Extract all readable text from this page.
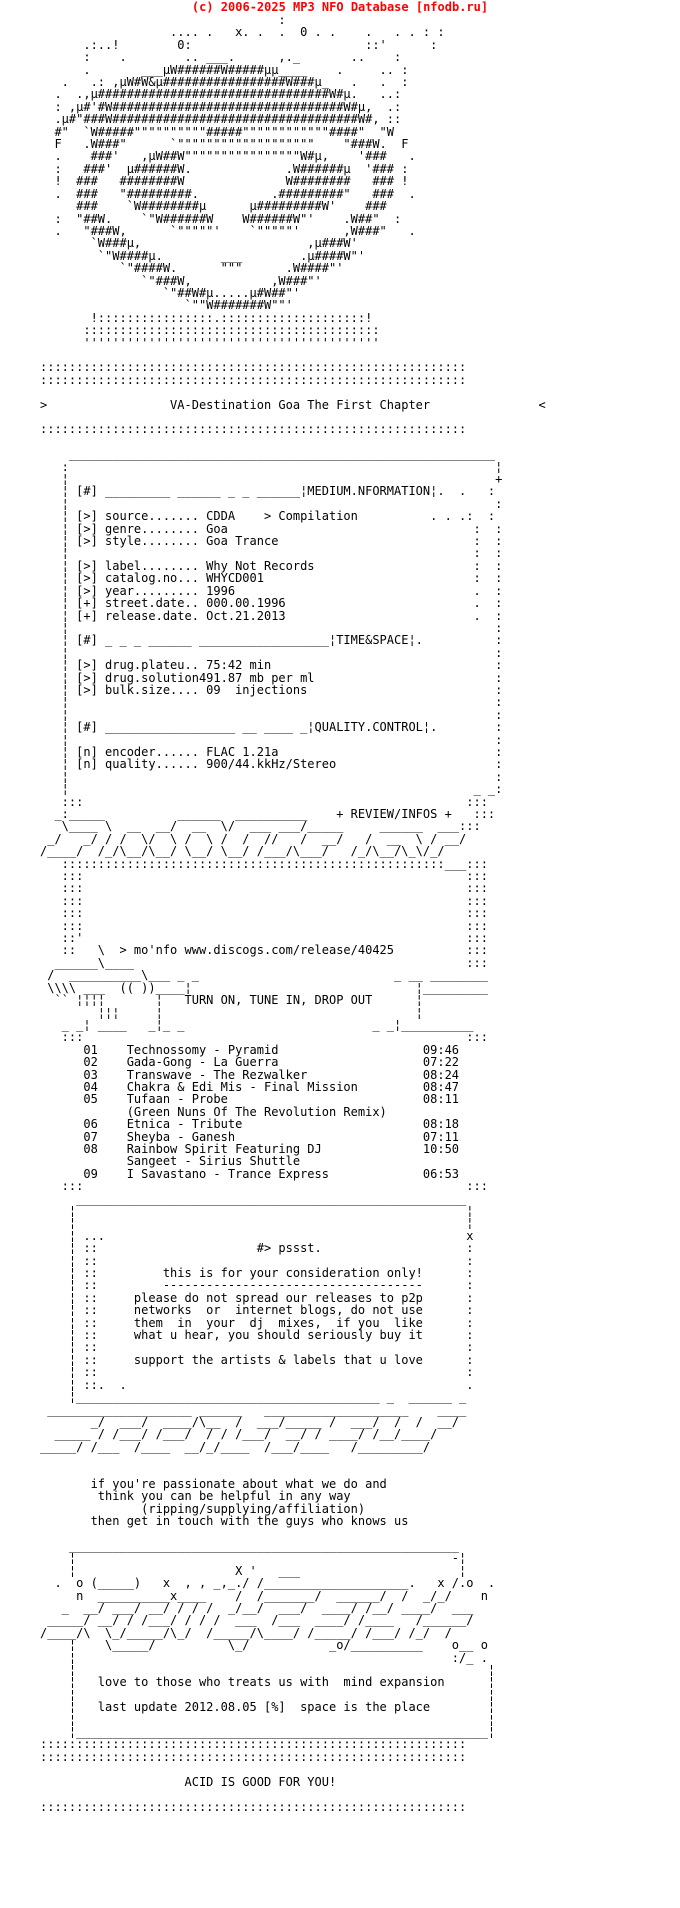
(c) 2006-2025 MP3 NFO Database [nfodb.ru]

:
.... .   x. .  .  0 . .    .   . . : :
.:..!        0:                        ::'      :
:    .        .. ___.      ,._       ..    :
.       ___µW######W#####µµ____    .     .. :
.   .: ,µW#W&µ#################W###µ_   .   .  :
.  .,µ################################W#µ.   ..:
: ,µ#'#W################################W#µ,  .:
.µ#"###W##################################W#, ::
#"  `W#####""""""""""#####""""""""""""####"  "W
F   .W###"      `"""""""""""""""""""    "###W.  F
.    ###'   ,µW##W""""""""""""""""W#µ,    '###   .
:   ###'  µ######W.             .W######µ  '### :
!  ###   ########W              W########   ### !
.  ###   "#########.          .#########"   ###  .
###    `W########µ      µ#########W'    ###
:  "##W.    `"W######W    W######W"'    .W##"  :
.   "###W,      `"""""'    `"""""'      ,W###"   .
`W###µ,                       ,µ###W'
`"W####µ.        ___        .µ####W"'
`"####W.      """      .W####"'
`"###W,           ,W###"'
`"##W#µ.....µ#W##"'
`""W#######W""'
!::::::::::::::::.::::::::::::::::::::!
:::::::::::::::::::::::::::::::::::::::::
'''''''''''''''''''''''''''''''''''''''''

:::::::::::::::::::::::::::::::::::::::::::::::::::::::::::
:::::::::::::::::::::::::::::::::::::::::::::::::::::::::::

>                 VA-Destination Goa The First Chapter               <

:::::::::::::::::::::::::::::::::::::::::::::::::::::::::::

___________________________________________________________
:                                                           ¦
¦                                                           +
¦ [#] _________ ______ _ _ ______¦MEDIUM.NFORMATION¦.  .   :
¦                                                           :
¦ [>] source....... CDDA    > Compilation          . . .:  :
¦ [>] genre........ Goa                                  :  :
¦ [>] style........ Goa Trance                           :  :
¦                                                        :  :
¦ [>] label........ Why Not Records                      :  :
¦ [>] catalog.no... WHYCD001                             :  :
¦ [>] year......... 1996                                 .  :
¦ [+] street.date.. 000.00.1996                          .  :
¦ [+] release.date. Oct.21.2013                          .  :
¦                                                           :
¦ [#] _ _ _ ______ __________________¦TIME&SPACE¦.          :
¦                                                           :
¦ [>] drug.plateu.. 75:42 min                               :
¦ [>] drug.solution491.87 mb per ml                         :
¦ [>] bulk.size.... 09  injections                          :
¦                                                           :
¦                                                           :
¦ [#] __________________ __ ____ _¦QUALITY.CONTROL¦.        :
¦                                                           :
¦ [n] encoder...... FLAC 1.21a                              :
¦ [n] quality...... 900/44.kkHz/Stereo                      :
¦                                                           :
¦                                                        _ _:
:::                                                     :::
_:_____          ______  __________    + REVIEW/INFOS +   :::
\____ \  __  __/  __  \/  ___ ___/_____     ______  ___:::
_/   _/ / /  \/  \ /  \ /  /  //   /  __/   /  __  \ / __/
/____/  /_/\__/\__/ \__/ \__/ /___/\___/   /_/\__/\_\/_/
:::::::::::::::::::::::::::::::::::::::::::::::::::::___:::
:::                                                     :::
:::                                                     :::
:::                                                     :::
:::                                                     :::
:::                                                     :::
::'                                                     :::
::   \  > mo'nfo www.discogs.com/release/40425          :::
______\____                                              :::
/  __________\___ _ _                           _ __ ________
\\\\ ___  (( ))____¦                               ¦_________
`` ¦¦¦¦       ¦   TURN ON, TUNE IN, DROP OUT      ¦
¦¦¦     ¦                                   ¦
_ _¦ ____   _¦_ _                          _ _¦__________
:::                                                     :::
01    Technossomy - Pyramid                    09:46
02    Gada-Gong - La Guerra                    07:22
03    Transwave - The Rezwalker                08:24
04    Chakra & Edi Mis - Final Mission         08:47
05    Tufaan - Probe                           08:11
(Green Nuns Of The Revolution Remix)
06    Etnica - Tribute                         08:18
07    Sheyba - Ganesh                          07:11
08    Rainbow Spirit Featuring DJ              10:50
Sangeet - Sirius Shuttle
09    I Savastano - Trance Express             06:53
:::                                                     :::
______________________________________________________
¦                                                      ¦
¦                                                      ¦
¦ ...                                                  x
¦ ::                      #> pssst.                    :
¦ ::                                                   :
¦ ::         this is for your consideration only!      :
¦ ::         ------------------------------------      :
¦ ::     please do not spread our releases to p2p      :
¦ ::     networks  or  internet blogs, do not use      :
¦ ::     them  in  your  dj  mixes,  if you  like      :
¦ ::     what u hear, you should seriously buy it      :
¦ ::                                                   :
¦ ::     support the artists & labels that u love      :
¦ ::                                                   :
¦ ::.  .                                               .
¦__________________________________________ _  ______ _
____________________ ______   ____________________    ____
_/  ___/  ____/\__  /  ___/_____ /  ___/  /  /  __/
_____ / /___/ /___/  / / /___/  __/ / ____/ /__/____/
_____/ /___  /____  __/_/____  /___/____   /_________/

if you're passionate about what we do and
think you can be helpful in any way
(ripping/supplying/affiliation)
then get in touch with the guys who knows us

______________________________________________________
¦                                                    -¦
¦                      X '   ___                      ¦
.  o (_____)   x  , , _,_./ /____________________.   x /.o  .
n  __________x____    /  /_______/  ______/  /  _/_/    n
_  __/ ___/ __/ / / /  _/__/  ___/  ____/ /__/ ____/  ___
_____/ __/ / /___/ / / /  ___  /___  ____/ /____   /______/
/____/\  \_/_____/\_/  /_____/\____/ /_____/ /___/ /_/  /
¦    \_____/          \_/           _o/__________    o__ o
¦                                                    :/_ .
¦                                                         ¦
¦   love to those who treats us with  mind expansion      ¦
¦                                                         ¦
¦   last update 2012.08.05 [%]  space is the place        ¦
¦                                                         ¦
¦_________________________________________________________¦
:::::::::::::::::::::::::::::::::::::::::::::::::::::::::::
:::::::::::::::::::::::::::::::::::::::::::::::::::::::::::

ACID IS GOOD FOR YOU!

:::::::::::::::::::::::::::::::::::::::::::::::::::::::::::
